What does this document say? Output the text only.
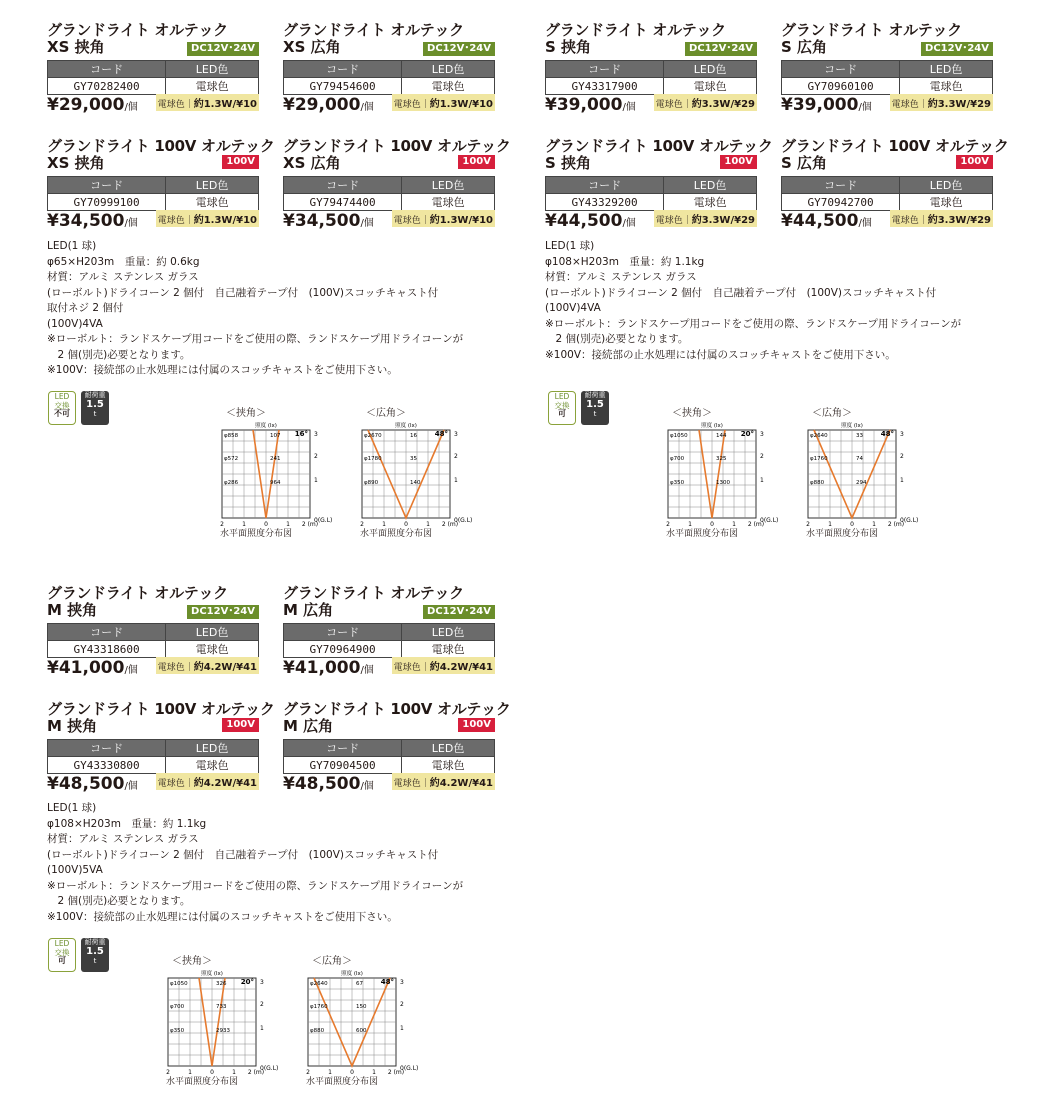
グランドライト オルテック
XS 挟角	DC12V･24V
コード	LED色
GY70282400	電球色
¥29,000/個 電球色｜約1.3W/¥10
グランドライト オルテック
XS 広角	DC12V･24V
コード	LED色
GY79454600	電球色
¥29,000/個 電球色｜約1.3W/¥10
グランドライト 100V オルテック
XS 挟角	100V
コード	LED色
GY70999100	電球色
¥34,500/個 電球色｜約1.3W/¥10
グランドライト 100V オルテック
XS 広角	100V
コード	LED色
GY79474400	電球色
¥34,500/個 電球色｜約1.3W/¥10
グランドライト オルテック
S 挟角	DC12V･24V
コード	LED色
GY43317900	電球色
¥39,000/個 電球色｜約3.3W/¥29
グランドライト オルテック
S 広角	DC12V･24V
コード	LED色
GY70960100	電球色
¥39,000/個 電球色｜約3.3W/¥29
グランドライト 100V オルテック
S 挟角	100V
コード	LED色
GY43329200	電球色
¥44,500/個 電球色｜約3.3W/¥29
グランドライト 100V オルテック
S 広角	100V
コード	LED色
GY70942700	電球色
¥44,500/個 電球色｜約3.3W/¥29
グランドライト オルテック
M 挟角	DC12V･24V
コード	LED色
GY43318600	電球色
¥41,000/個 電球色｜約4.2W/¥41
グランドライト オルテック
M 広角	DC12V･24V
コード	LED色
GY70964900	電球色
¥41,000/個 電球色｜約4.2W/¥41
グランドライト 100V オルテック
M 挟角	100V
コード	LED色
GY43330800	電球色
¥48,500/個 電球色｜約4.2W/¥41
グランドライト 100V オルテック
M 広角	100V
コード	LED色
GY70904500	電球色
¥48,500/個 電球色｜約4.2W/¥41
LED(1 球)
φ65×H203m　重量：約 0.6kg
材質：アルミ ステンレス ガラス
(ローボルト)ドライコーン 2 個付　自己融着テープ付　(100V)スコッチキャスト付
取付ネジ 2 個付
(100V)4VA
※ローボルト：ランドスケープ用コードをご使用の際、ランドスケープ用ドライコーンが
　2 個(別売)必要となります。
※100V：接続部の止水処理には付属のスコッチキャストをご使用下さい。
LED(1 球)
φ108×H203m　重量：約 1.1kg
材質：アルミ ステンレス ガラス
(ローボルト)ドライコーン 2 個付　自己融着テープ付　(100V)スコッチキャスト付
(100V)4VA
※ローボルト：ランドスケープ用コードをご使用の際、ランドスケープ用ドライコーンが
　2 個(別売)必要となります。
※100V：接続部の止水処理には付属のスコッチキャストをご使用下さい。
LED(1 球)
φ108×H203m　重量：約 1.1kg
材質：アルミ ステンレス ガラス
(ローボルト)ドライコーン 2 個付　自己融着テープ付　(100V)スコッチキャスト付
(100V)5VA
※ローボルト：ランドスケープ用コードをご使用の際、ランドスケープ用ドライコーンが
　2 個(別売)必要となります。
※100V：接続部の止水処理には付属のスコッチキャストをご使用下さい。
LED
交換
不可
耐荷重
1.5
t
LED
交換
可
耐荷重
1.5
t
LED
交換
可
耐荷重
1.5
t
＜挟角＞
照度 (lx)
16°
φ858
φ572
φ286
107
241
964
3
2
1
0(G.L)
2	1	0	1 2 (m)
水平面照度分布図
＜広角＞
照度 (lx)
48°
φ2670
φ1780
φ890
16
35
140
3
2
1
0(G.L)
2	1	0	1 2 (m)
水平面照度分布図
＜挟角＞
照度 (lx)
20°
φ1050
φ700
φ350
144
325
1300
3
2
1
0(G.L)
2	1	0	1 2 (m)
水平面照度分布図
＜広角＞
照度 (lx)
48°
φ2640
φ1760
φ880
33
74
294
3
2
1
0(G.L)
2	1	0	1 2 (m)
水平面照度分布図
＜挟角＞
照度 (lx)
20°
φ1050
φ700
φ350
326
733
2933
3
2
1
0(G.L)
2	1	0	1 2 (m)
水平面照度分布図
＜広角＞
照度 (lx)
48°
φ2640
φ1760
φ880
67
150
600
3
2
1
0(G.L)
2	1	0	1 2 (m)
水平面照度分布図
